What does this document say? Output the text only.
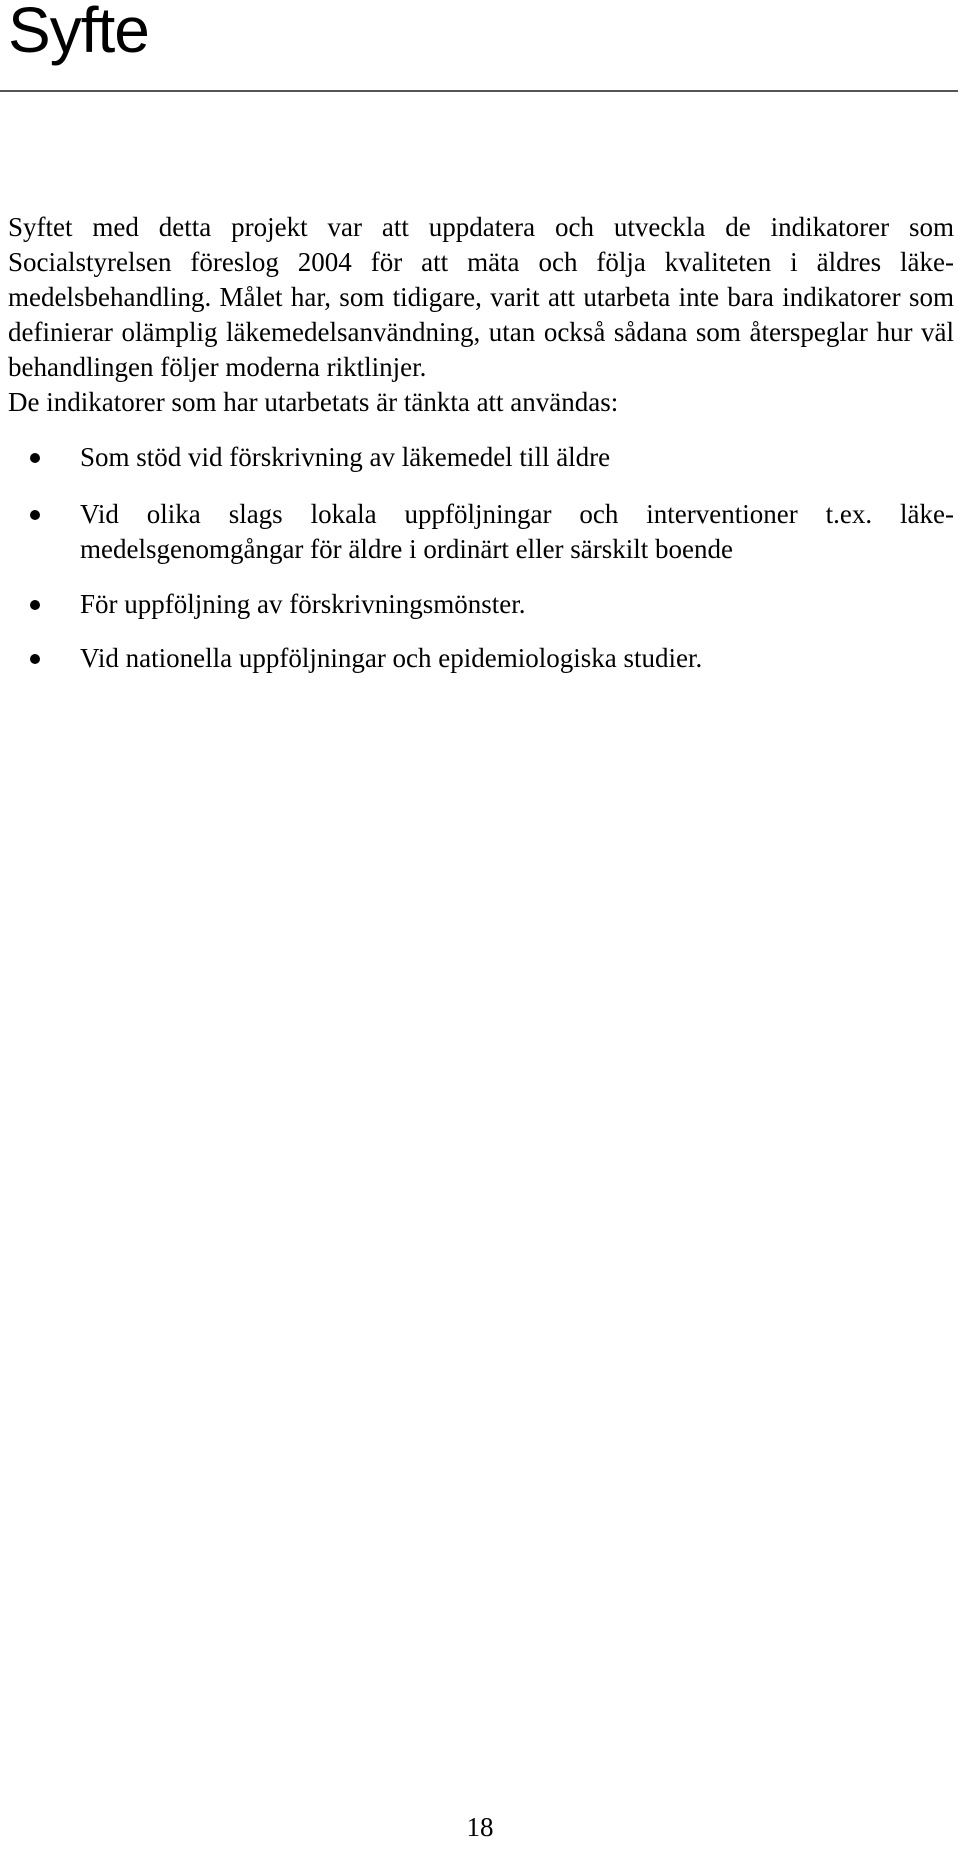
Syfte

Syftet med detta projekt var att uppdatera och utveckla de indikatorer som Socialstyrelsen föreslog 2004 för att mäta och följa kvaliteten i äldres läkemedelsbehandling. Målet har, som tidigare, varit att utarbeta inte bara indikatorer som definierar olämplig läkemedelsanvändning, utan också sådana som återspeglar hur väl behandlingen följer moderna riktlinjer.

De indikatorer som har utarbetats är tänkta att användas:

Som stöd vid förskrivning av läkemedel till äldre
Vid olika slags lokala uppföljningar och interventioner t.ex. läkemedelsgenomgångar för äldre i ordinärt eller särskilt boende
För uppföljning av förskrivningsmönster.
Vid nationella uppföljningar och epidemiologiska studier.
18
